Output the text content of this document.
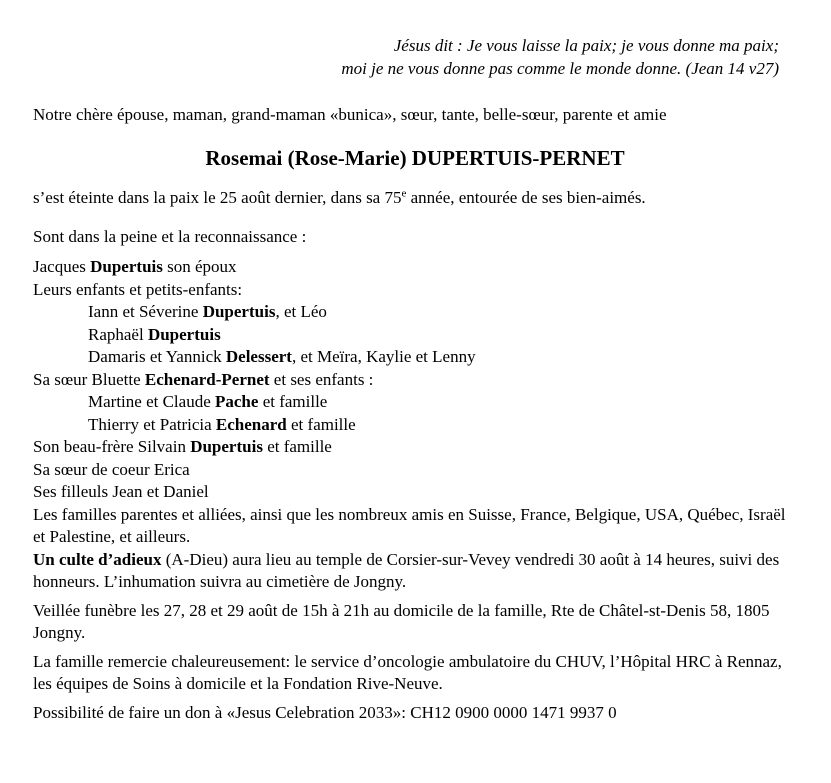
Jésus dit : Je vous laisse la paix; je vous donne ma paix;
moi je ne vous donne pas comme le monde donne. (Jean 14 v27)
Notre chère épouse, maman, grand-maman «bunica», sœur, tante, belle-sœur, parente et amie
Rosemai (Rose-Marie) DUPERTUIS-PERNET
s’est éteinte dans la paix le 25 août dernier, dans sa 75e année, entourée de ses bien-aimés.
Sont dans la peine et la reconnaissance :
Jacques Dupertuis son époux
Leurs enfants et petits-enfants:
Iann et Séverine Dupertuis, et Léo
Raphaël Dupertuis
Damaris et Yannick Delessert, et Meïra, Kaylie et Lenny
Sa sœur Bluette Echenard-Pernet et ses enfants :
Martine et Claude Pache et famille
Thierry et Patricia Echenard et famille
Son beau-frère Silvain Dupertuis et famille
Sa sœur de coeur Erica
Ses filleuls Jean et Daniel
Les familles parentes et alliées, ainsi que les nombreux amis en Suisse, France, Belgique, USA, Québec, Israël et Palestine, et ailleurs.
Un culte d’adieux (A-Dieu) aura lieu au temple de Corsier-sur-Vevey vendredi 30 août à 14 heures, suivi des honneurs. L’inhumation suivra au cimetière de Jongny.
Veillée funèbre les 27, 28 et 29 août de 15h à 21h au domicile de la famille, Rte de Châtel-st-Denis 58, 1805 Jongny.
La famille remercie chaleureusement: le service d’oncologie ambulatoire du CHUV, l’Hôpital HRC à Rennaz, les équipes de Soins à domicile et la Fondation Rive-Neuve.
Possibilité de faire un don à «Jesus Celebration 2033»: CH12 0900 0000 1471 9937 0
